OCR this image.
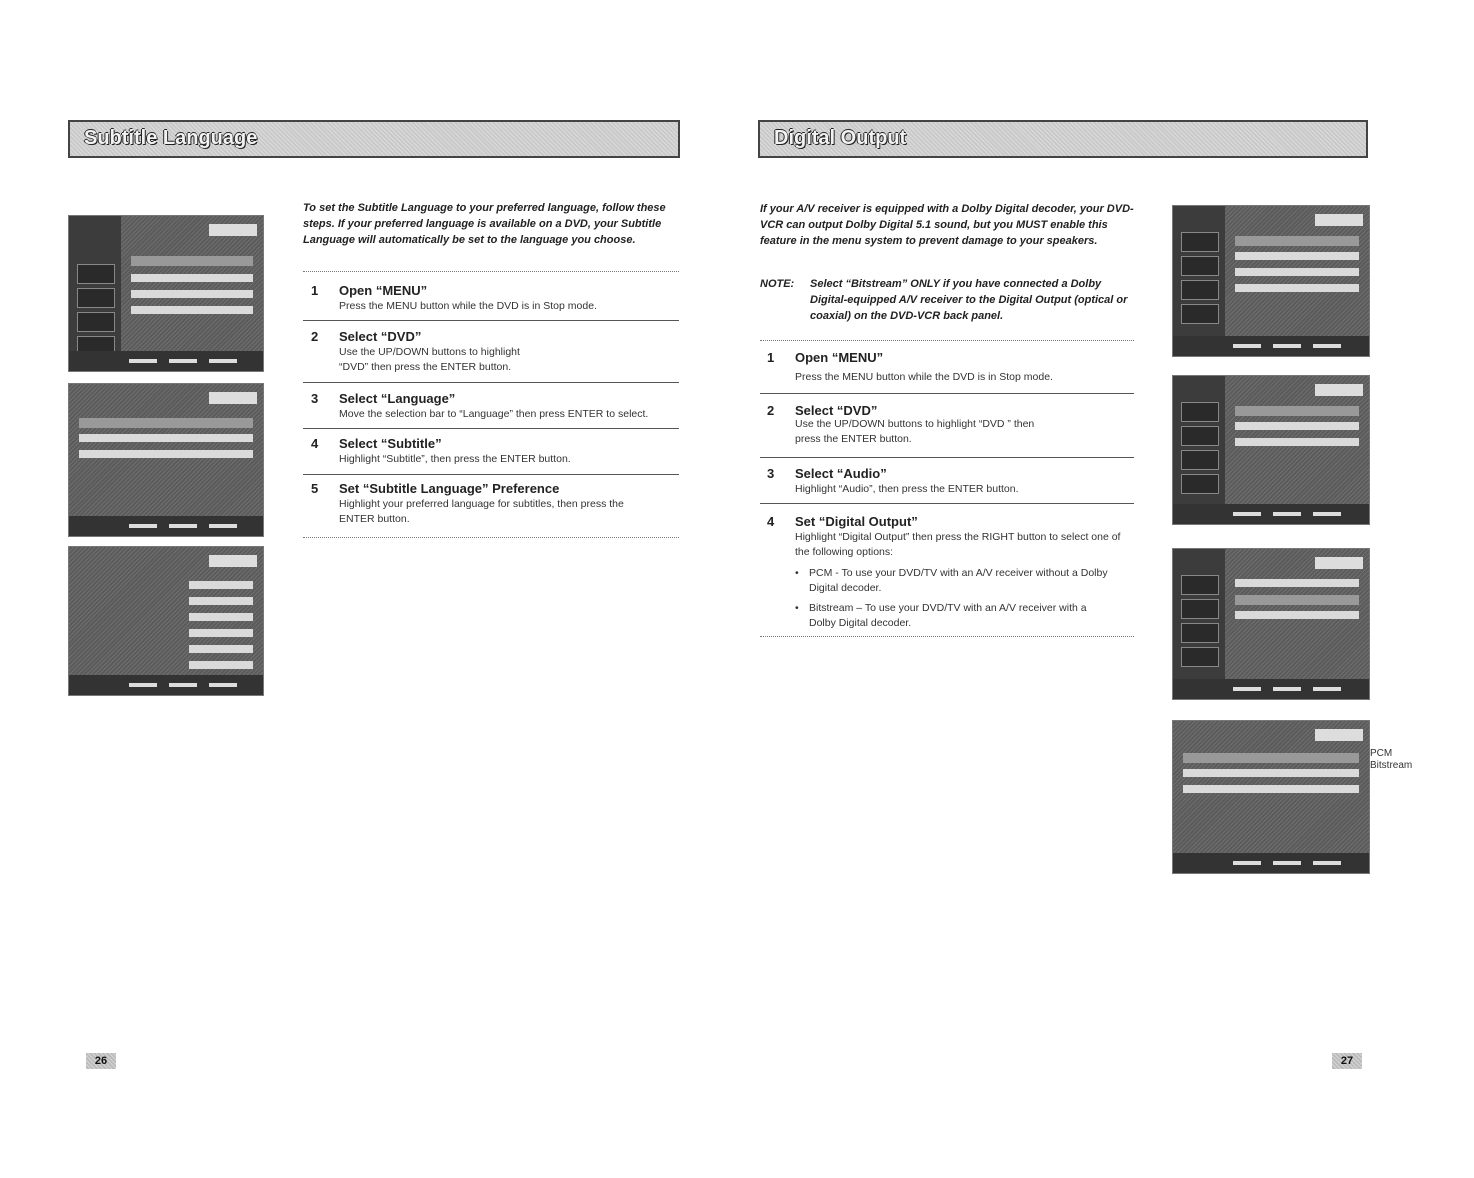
Subtitle Language
To set the Subtitle Language to your preferred language, follow these steps. If your preferred language is available on a DVD, your Subtitle Language will automatically be set to the language you choose.
1 Open “MENU”
Press the MENU button while the DVD is in Stop mode.
2 Select “DVD”
Use the UP/DOWN buttons to highlight “DVD” then press the ENTER button.
3 Select “Language”
Move the selection bar to “Language” then press ENTER to select.
4 Select “Subtitle”
Highlight “Subtitle”, then press the ENTER button.
5 Set “Subtitle Language” Preference
Highlight your preferred language for subtitles, then press the ENTER button.
26
Digital Output
If your A/V receiver is equipped with a Dolby Digital decoder, your DVD-VCR can output Dolby Digital 5.1 sound, but you MUST enable this feature in the menu system to prevent damage to your speakers.
NOTE: Select “Bitstream” ONLY if you have connected a Dolby Digital-equipped A/V receiver to the Digital Output (optical or coaxial) on the DVD-VCR back panel.
1 Open “MENU”
Press the MENU button while the DVD is in Stop mode.
2 Select “DVD”
Use the UP/DOWN buttons to highlight “DVD ” then press the ENTER button.
3 Select “Audio”
Highlight “Audio”, then press the ENTER button.
4 Set “Digital Output”
Highlight “Digital Output” then press the RIGHT button to select one of the following options:
• PCM - To use your DVD/TV with an A/V receiver without a Dolby Digital decoder.
• Bitstream – To use your DVD/TV with an A/V receiver with a Dolby Digital decoder.
PCM
Bitstream
27
